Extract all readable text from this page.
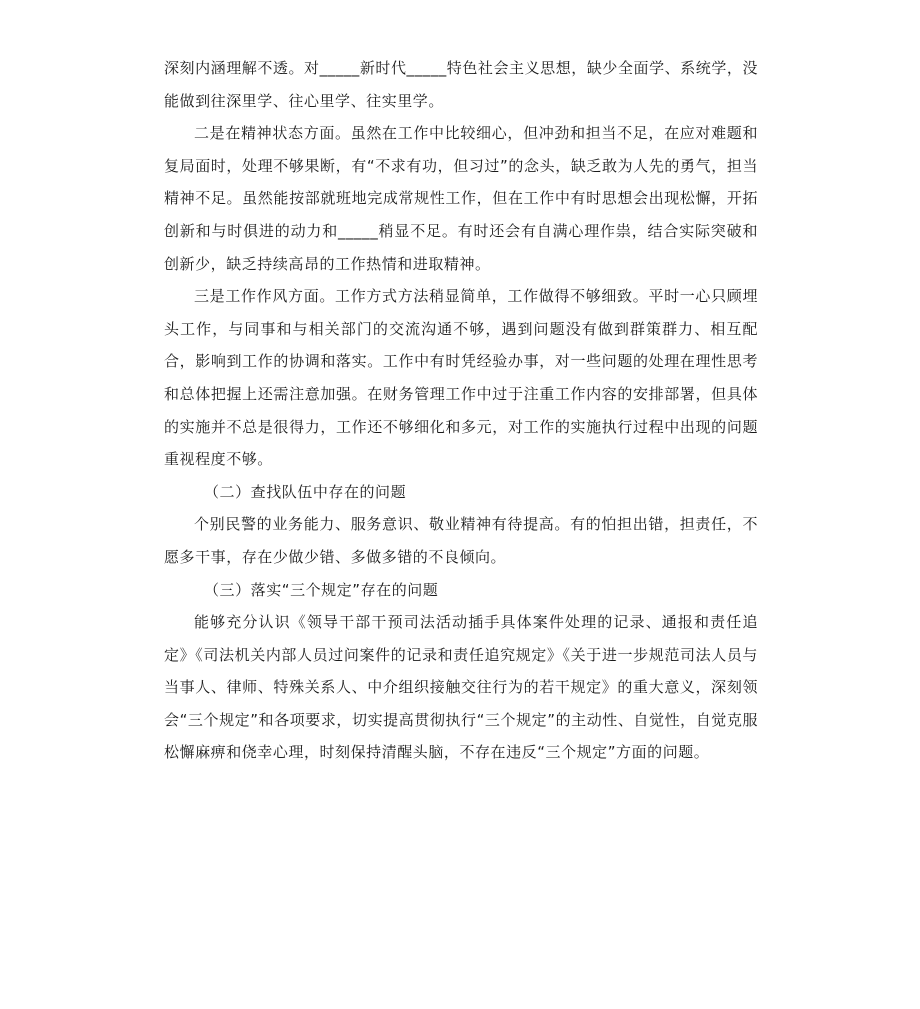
深刻内涵理解不透。对_____新时代_____特色社会主义思想，缺少全面学、系统学，没能做到往深里学、往心里学、往实里学。

二是在精神状态方面。虽然在工作中比较细心，但冲劲和担当不足，在应对难题和复局面时，处理不够果断，有“不求有功，但习过”的念头，缺乏敢为人先的勇气，担当精神不足。虽然能按部就班地完成常规性工作，但在工作中有时思想会出现松懈，开拓创新和与时俱进的动力和_____稍显不足。有时还会有自满心理作祟，结合实际突破和创新少，缺乏持续高昂的工作热情和进取精神。

三是工作作风方面。工作方式方法稍显简单，工作做得不够细致。平时一心只顾埋头工作，与同事和与相关部门的交流沟通不够，遇到问题没有做到群策群力、相互配合，影响到工作的协调和落实。工作中有时凭经验办事，对一些问题的处理在理性思考和总体把握上还需注意加强。在财务管理工作中过于注重工作内容的安排部署，但具体的实施并不总是很得力，工作还不够细化和多元，对工作的实施执行过程中出现的问题重视程度不够。

（二）查找队伍中存在的问题

个别民警的业务能力、服务意识、敬业精神有待提高。有的怕担出错，担责任，不愿多干事，存在少做少错、多做多错的不良倾向。

（三）落实“三个规定”存在的问题

能够充分认识《领导干部干预司法活动插手具体案件处理的记录、通报和责任追定》《司法机关内部人员过问案件的记录和责任追究规定》《关于进一步规范司法人员与当事人、律师、特殊关系人、中介组织接触交往行为的若干规定》的重大意义，深刻领会“三个规定”和各项要求，切实提高贯彻执行“三个规定”的主动性、自觉性，自觉克服松懈麻痹和侥幸心理，时刻保持清醒头脑，不存在违反“三个规定”方面的问题。
